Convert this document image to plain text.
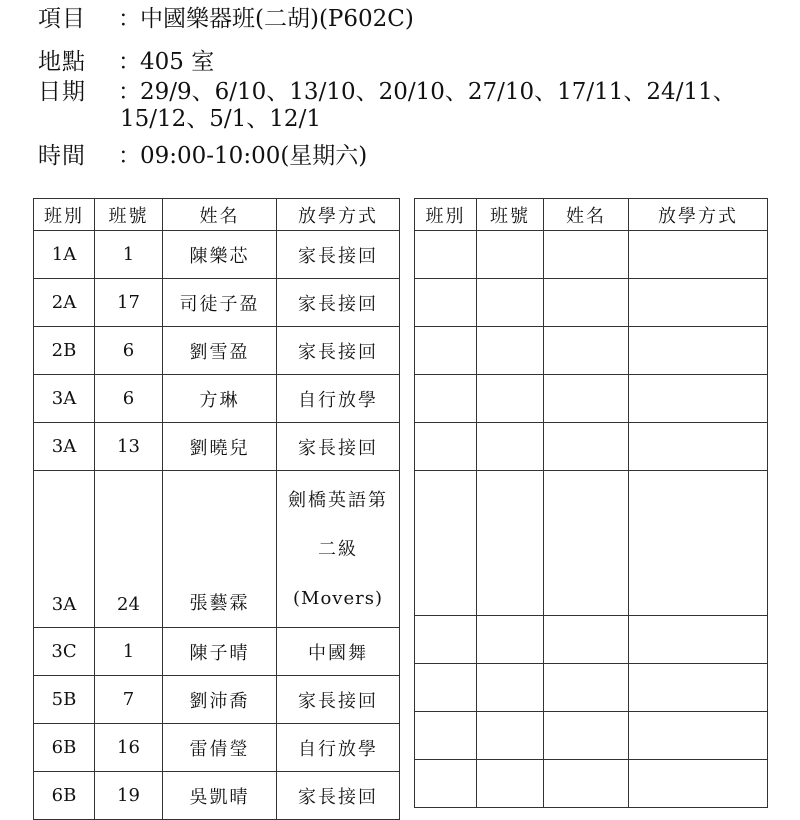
項目 ：中國樂器班(二胡)(P602C)
地點 ：405 室
日期 ：29/9、6/10、13/10、20/10、27/10、17/11、24/11、
15/12、5/1、12/1
時間 ：09:00-10:00(星期六)
班別	班號	姓名	放學方式
1A	1	陳樂芯	家長接回
2A	17	司徒子盈	家長接回
2B	6	劉雪盈	家長接回
3A	6	方琳	自行放學
3A	13	劉曉兒	家長接回
3A	24	張藝霖	劍橋英語第
二級
(Movers)

3C	1	陳子晴	中國舞
5B	7	劉沛喬	家長接回
6B	16	雷倩瑩	自行放學
6B	19	吳凱晴	家長接回
班別	班號	姓名	放學方式
